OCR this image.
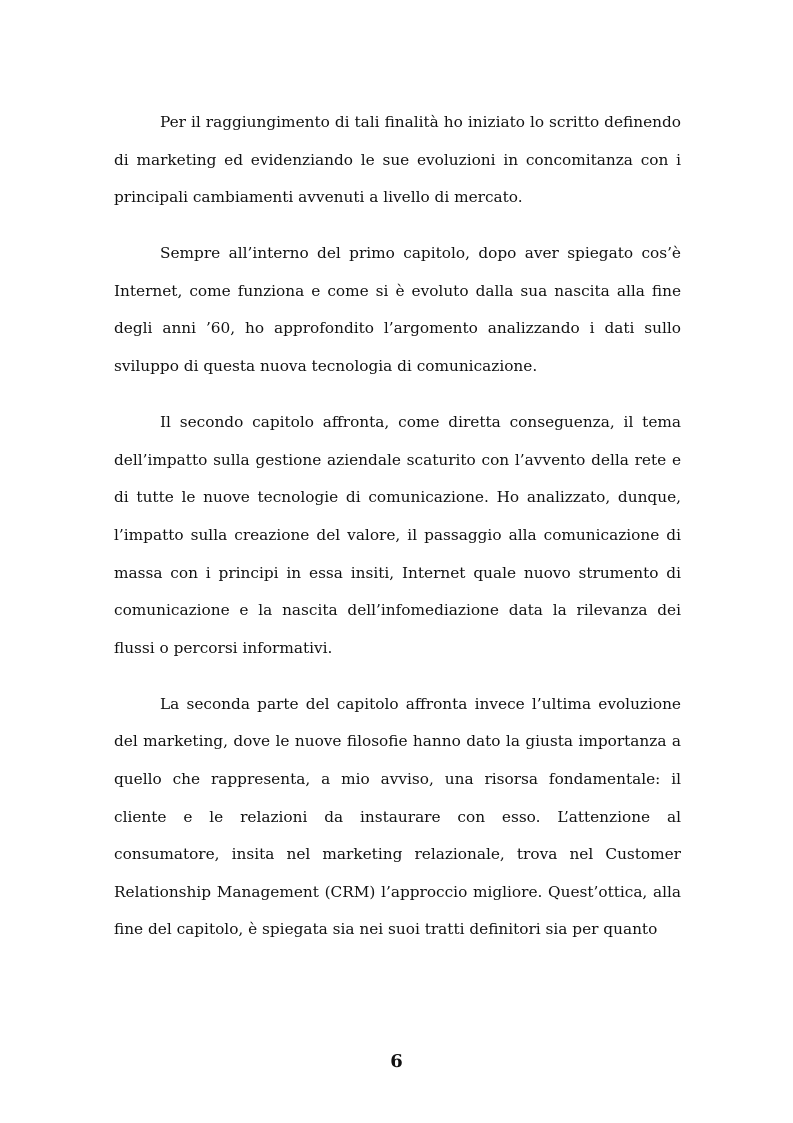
Per il raggiungimento di tali finalità ho iniziato lo scritto definendo di marketing ed evidenziando le sue evoluzioni in concomitanza con i principali cambiamenti avvenuti a livello di mercato.

Sempre all’interno del primo capitolo, dopo aver spiegato cos’è Internet, come funziona e come si è evoluto dalla sua nascita alla fine degli anni ’60, ho approfondito l’argomento analizzando i dati sullo sviluppo di questa nuova tecnologia di comunicazione.

Il secondo capitolo affronta, come diretta conseguenza, il tema dell’impatto sulla gestione aziendale scaturito con l’avvento della rete e di tutte le nuove tecnologie di comunicazione. Ho analizzato, dunque, l’impatto sulla creazione del valore, il passaggio alla comunicazione di massa con i principi in essa insiti, Internet quale nuovo strumento di comunicazione e la nascita dell’infomediazione data la rilevanza dei flussi o percorsi informativi.

La seconda parte del capitolo affronta invece l’ultima evoluzione del marketing, dove le nuove filosofie hanno dato la giusta importanza a quello che rappresenta, a mio avviso, una risorsa fondamentale: il cliente e le relazioni da instaurare con esso. L’attenzione al consumatore, insita nel marketing relazionale, trova nel Customer Relationship Management (CRM) l’approccio migliore. Quest’ottica, alla fine del capitolo, è spiegata sia nei suoi tratti definitori sia per quanto

6
